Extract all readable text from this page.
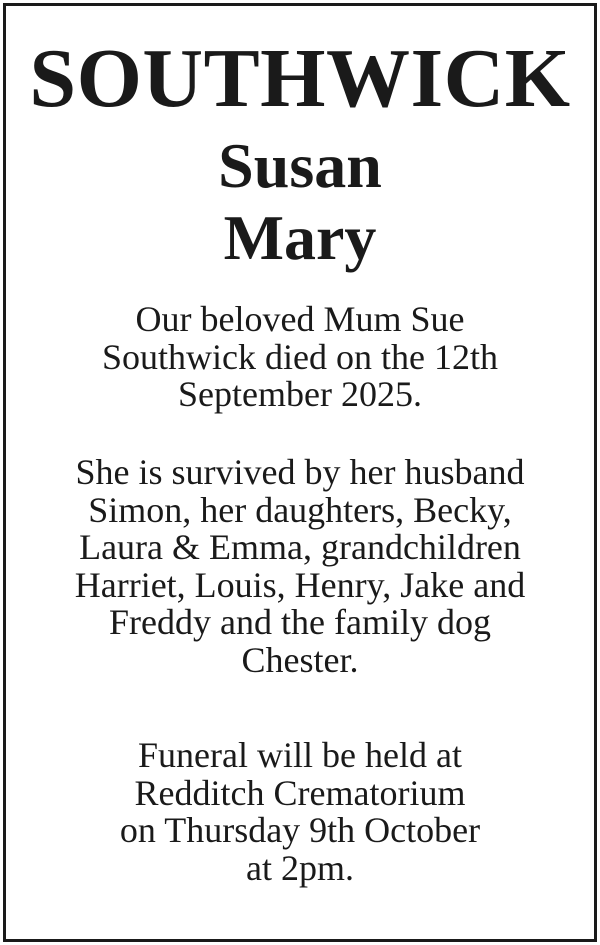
SOUTHWICK
Susan
Mary
Our beloved Mum Sue
Southwick died on the 12th
September 2025.
She is survived by her husband
Simon, her daughters, Becky,
Laura & Emma, grandchildren
Harriet, Louis, Henry, Jake and
Freddy and the family dog
Chester.
Funeral will be held at
Redditch Crematorium
on Thursday 9th October
at 2pm.
